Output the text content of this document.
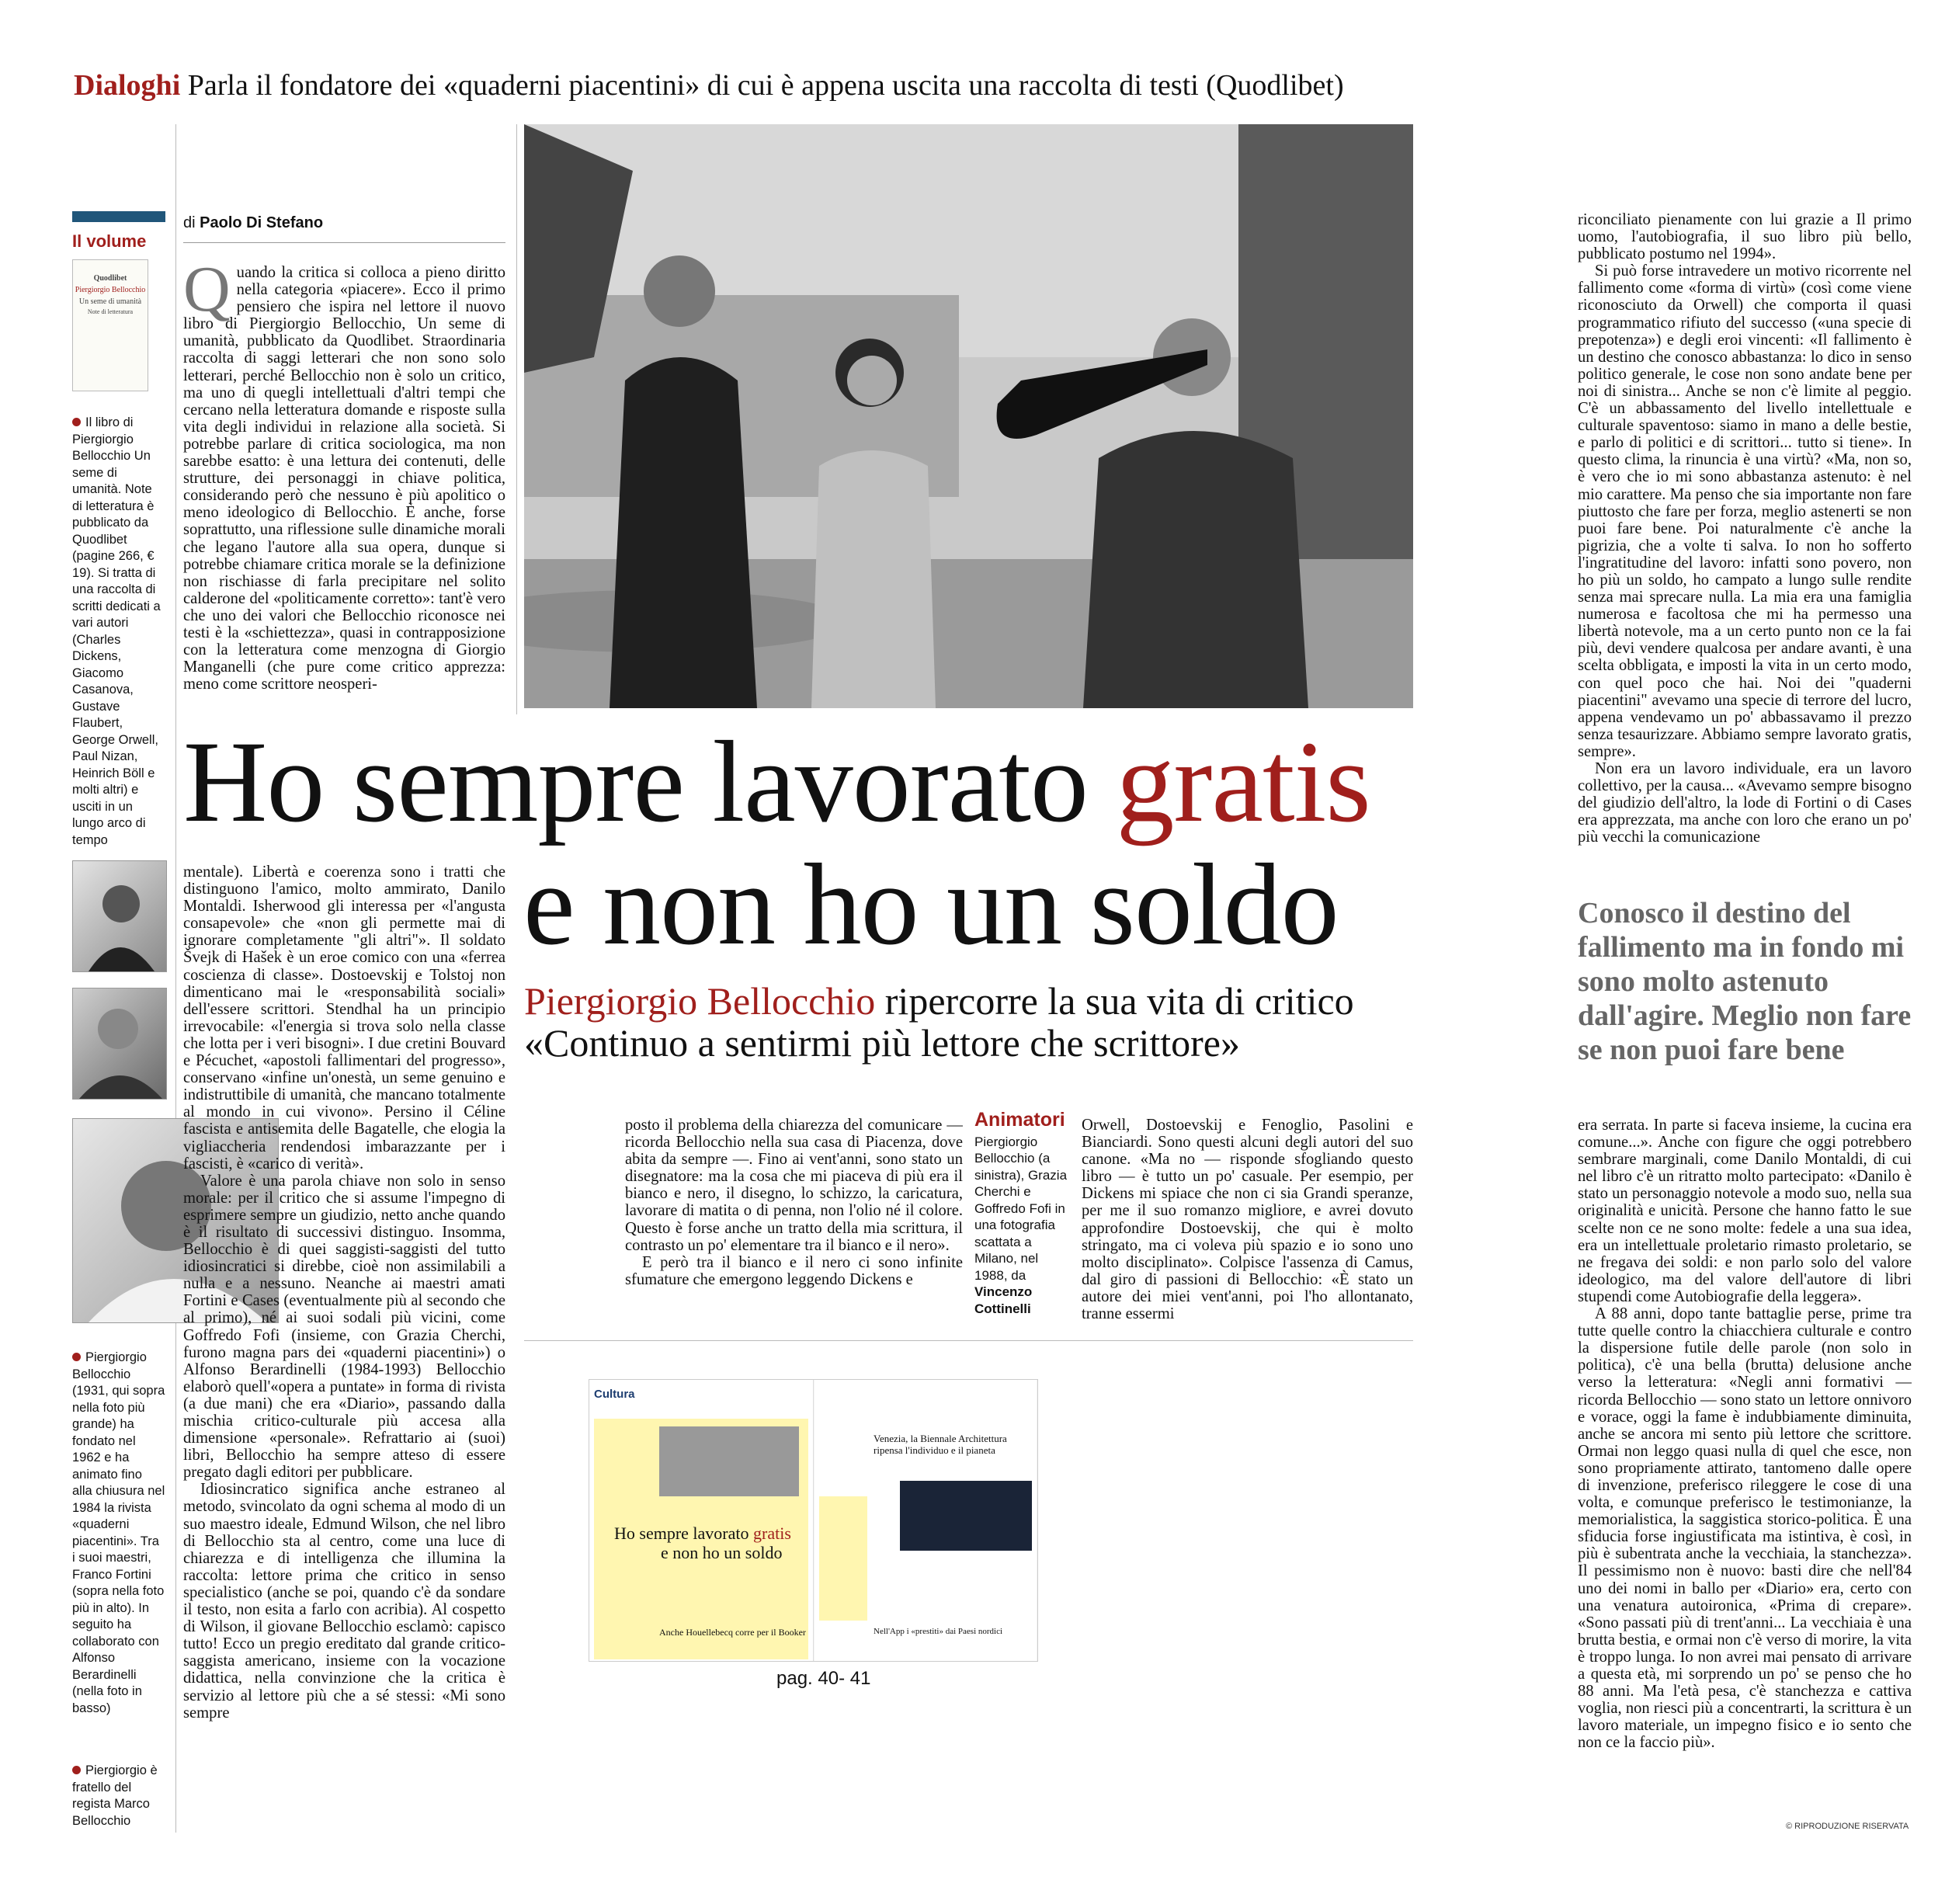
Dialoghi Parla il fondatore dei «quaderni piacentini» di cui è appena uscita una raccolta di testi (Quodlibet)
Il volume
Quodlibet
Piergiorgio Bellocchio
Un seme di umanità
Note di letteratura
Il libro di Piergiorgio Bellocchio Un seme di umanità. Note di letteratura è pubblicato da Quodlibet (pagine 266, € 19). Si tratta di una raccolta di scritti dedicati a vari autori (Charles Dickens, Giacomo Casanova, Gustave Flaubert, George Orwell, Paul Nizan, Heinrich Böll e molti altri) e usciti in un lungo arco di tempo
Piergiorgio Bellocchio (1931, qui sopra nella foto più grande) ha fondato nel 1962 e ha animato fino alla chiusura nel 1984 la rivista «quaderni piacentini». Tra i suoi maestri, Franco Fortini (sopra nella foto più in alto). In seguito ha collaborato con Alfonso Berardinelli (nella foto in basso)
Piergiorgio è fratello del regista Marco Bellocchio
di Paolo Di Stefano

Quando la critica si colloca a pieno diritto nella categoria «piacere». Ecco il primo pensiero che ispira nel lettore il nuovo libro di Piergiorgio Bellocchio, Un seme di umanità, pubblicato da Quodlibet. Straordinaria raccolta di saggi letterari che non sono solo letterari, perché Bellocchio non è solo un critico, ma uno di quegli intellettuali d'altri tempi che cercano nella letteratura domande e risposte sulla vita degli individui in relazione alla società. Si potrebbe parlare di critica sociologica, ma non sarebbe esatto: è una lettura dei contenuti, delle strutture, dei personaggi in chiave politica, considerando però che nessuno è più apolitico o meno ideologico di Bellocchio. È anche, forse soprattutto, una riflessione sulle dinamiche morali che legano l'autore alla sua opera, dunque si potrebbe chiamare critica morale se la definizione non rischiasse di farla precipitare nel solito calderone del «politicamente corretto»: tant'è vero che uno dei valori che Bellocchio riconosce nei testi è la «schiettezza», quasi in contrapposizione con la letteratura come menzogna di Giorgio Manganelli (che pure come critico apprezza: meno come scrittore neosperi-

Ho sempre lavorato gratis
e non ho un soldo
Piergiorgio Bellocchio ripercorre la sua vita di critico
«Continuo a sentirmi più lettore che scrittore»

mentale). Libertà e coerenza sono i tratti che distinguono l'amico, molto ammirato, Danilo Montaldi. Isherwood gli interessa per «l'angusta consapevole» che «non gli permette mai di ignorare completamente "gli altri"». Il soldato Švejk di Hašek è un eroe comico con una «ferrea coscienza di classe». Dostoevskij e Tolstoj non dimenticano mai le «responsabilità sociali» dell'essere scrittori. Stendhal ha un principio irrevocabile: «l'energia si trova solo nella classe che lotta per i veri bisogni». I due cretini Bouvard e Pécuchet, «apostoli fallimentari del progresso», conservano «infine un'onestà, un seme genuino e indistruttibile di umanità, che mancano totalmente al mondo in cui vivono». Persino il Céline fascista e antisemita delle Bagatelle, che elogia la vigliaccheria rendendosi imbarazzante per i fascisti, è «carico di verità».

Valore è una parola chiave non solo in senso morale: per il critico che si assume l'impegno di esprimere sempre un giudizio, netto anche quando è il risultato di successivi distinguo. Insomma, Bellocchio è di quei saggisti-saggisti del tutto idiosincratici si direbbe, cioè non assimilabili a nulla e a nessuno. Neanche ai maestri amati Fortini e Cases (eventualmente più al secondo che al primo), né ai suoi sodali più vicini, come Goffredo Fofi (insieme, con Grazia Cherchi, furono magna pars dei «quaderni piacentini») o Alfonso Berardinelli (1984-1993) Bellocchio elaborò quell'«opera a puntate» in forma di rivista (a due mani) che era «Diario», passando dalla mischia critico-culturale più accesa alla dimensione «personale». Refrattario ai (suoi) libri, Bellocchio ha sempre atteso di essere pregato dagli editori per pubblicare.

Idiosincratico significa anche estraneo al metodo, svincolato da ogni schema al modo di un suo maestro ideale, Edmund Wilson, che nel libro di Bellocchio sta al centro, come una luce di chiarezza e di intelligenza che illumina la raccolta: lettore prima che critico in senso specialistico (anche se poi, quando c'è da sondare il testo, non esita a farlo con acribia). Al cospetto di Wilson, il giovane Bellocchio esclamò: capisco tutto! Ecco un pregio ereditato dal grande critico-saggista americano, insieme con la vocazione didattica, nella convinzione che la critica è servizio al lettore più che a sé stessi: «Mi sono sempre

posto il problema della chiarezza del comunicare — ricorda Bellocchio nella sua casa di Piacenza, dove abita da sempre —. Fino ai vent'anni, sono stato un disegnatore: ma la cosa che mi piaceva di più era il bianco e nero, il disegno, lo schizzo, la caricatura, lavorare di matita o di penna, non l'olio né il colore. Questo è forse anche un tratto della mia scrittura, il contrasto un po' elementare tra il bianco e il nero».

E però tra il bianco e il nero ci sono infinite sfumature che emergono leggendo Dickens e

Animatori
Piergiorgio Bellocchio (a sinistra), Grazia Cherchi e Goffredo Fofi in una fotografia scattata a Milano, nel 1988, da Vincenzo Cottinelli

Orwell, Dostoevskij e Fenoglio, Pasolini e Bianciardi. Sono questi alcuni degli autori del suo canone. «Ma no — risponde sfogliando questo libro — è tutto un po' casuale. Per esempio, per Dickens mi spiace che non ci sia Grandi speranze, per me il suo romanzo migliore, e avrei dovuto approfondire Dostoevskij, che qui è molto stringato, ma ci voleva più spazio e io sono uno molto disciplinato». Colpisce l'assenza di Camus, dal giro di passioni di Bellocchio: «È stato un autore dei miei vent'anni, poi l'ho allontanato, tranne essermi

riconciliato pienamente con lui grazie a Il primo uomo, l'autobiografia, il suo libro più bello, pubblicato postumo nel 1994».

Si può forse intravedere un motivo ricorrente nel fallimento come «forma di virtù» (così come viene riconosciuto da Orwell) che comporta il quasi programmatico rifiuto del successo («una specie di prepotenza») e degli eroi vincenti: «Il fallimento è un destino che conosco abbastanza: lo dico in senso politico generale, le cose non sono andate bene per noi di sinistra... Anche se non c'è limite al peggio. C'è un abbassamento del livello intellettuale e culturale spaventoso: siamo in mano a delle bestie, e parlo di politici e di scrittori... tutto si tiene». In questo clima, la rinuncia è una virtù? «Ma, non so, è vero che io mi sono abbastanza astenuto: è nel mio carattere. Ma penso che sia importante non fare piuttosto che fare per forza, meglio astenerti se non puoi fare bene. Poi naturalmente c'è anche la pigrizia, che a volte ti salva. Io non ho sofferto l'ingratitudine del lavoro: infatti sono povero, non ho più un soldo, ho campato a lungo sulle rendite senza mai sprecare nulla. La mia era una famiglia numerosa e facoltosa che mi ha permesso una libertà notevole, ma a un certo punto non ce la fai più, devi vendere qualcosa per andare avanti, è una scelta obbligata, e imposti la vita in un certo modo, con quel poco che hai. Noi dei "quaderni piacentini" avevamo una specie di terrore del lucro, appena vendevamo un po' abbassavamo il prezzo senza tesaurizzare. Abbiamo sempre lavorato gratis, sempre».

Non era un lavoro individuale, era un lavoro collettivo, per la causa... «Avevamo sempre bisogno del giudizio dell'altro, la lode di Fortini o di Cases era apprezzata, ma anche con loro che erano un po' più vecchi la comunicazione

Conosco il destino del fallimento ma in fondo mi sono molto astenuto dall'agire. Meglio non fare se non puoi fare bene

era serrata. In parte si faceva insieme, la cucina era comune...». Anche con figure che oggi potrebbero sembrare marginali, come Danilo Montaldi, di cui nel libro c'è un ritratto molto partecipato: «Danilo è stato un personaggio notevole a modo suo, nella sua originalità e unicità. Persone che hanno fatto le sue scelte non ce ne sono molte: fedele a una sua idea, era un intellettuale proletario rimasto proletario, se ne fregava dei soldi: e non parlo solo del valore ideologico, ma del valore dell'autore di libri stupendi come Autobiografie della leggera».

A 88 anni, dopo tante battaglie perse, prime tra tutte quelle contro la chiacchiera culturale e contro la dispersione futile delle parole (non solo in politica), c'è una bella (brutta) delusione anche verso la letteratura: «Negli anni formativi — ricorda Bellocchio — sono stato un lettore onnivoro e vorace, oggi la fame è indubbiamente diminuita, anche se ancora mi sento più lettore che scrittore. Ormai non leggo quasi nulla di quel che esce, non sono propriamente attirato, tantomeno dalle opere di invenzione, preferisco rileggere le cose di una volta, e comunque preferisco le testimonianze, la memorialistica, la saggistica storico-politica. È una sfiducia forse ingiustificata ma istintiva, è così, in più è subentrata anche la vecchiaia, la stanchezza». Il pessimismo non è nuovo: basti dire che nell'84 uno dei nomi in ballo per «Diario» era, certo con una venatura autoironica, «Prima di crepare». «Sono passati più di trent'anni... La vecchiaia è una brutta bestia, e ormai non c'è verso di morire, la vita è troppo lunga. Io non avrei mai pensato di arrivare a questa età, mi sorprendo un po' se penso che ho 88 anni. Ma l'età pesa, c'è stanchezza e cattiva voglia, non riesci più a concentrarti, la scrittura è un lavoro materiale, un impegno fisico e io sento che non ce la faccio più».

© RIPRODUZIONE RISERVATA
Cultura
Ho sempre lavorato gratis
e non ho un soldo
Anche Houellebecq corre per il Booker
Venezia, la Biennale Architettura ripensa l'individuo e il pianeta
Nell'App i «prestiti» dai Paesi nordici
pag. 40- 41
